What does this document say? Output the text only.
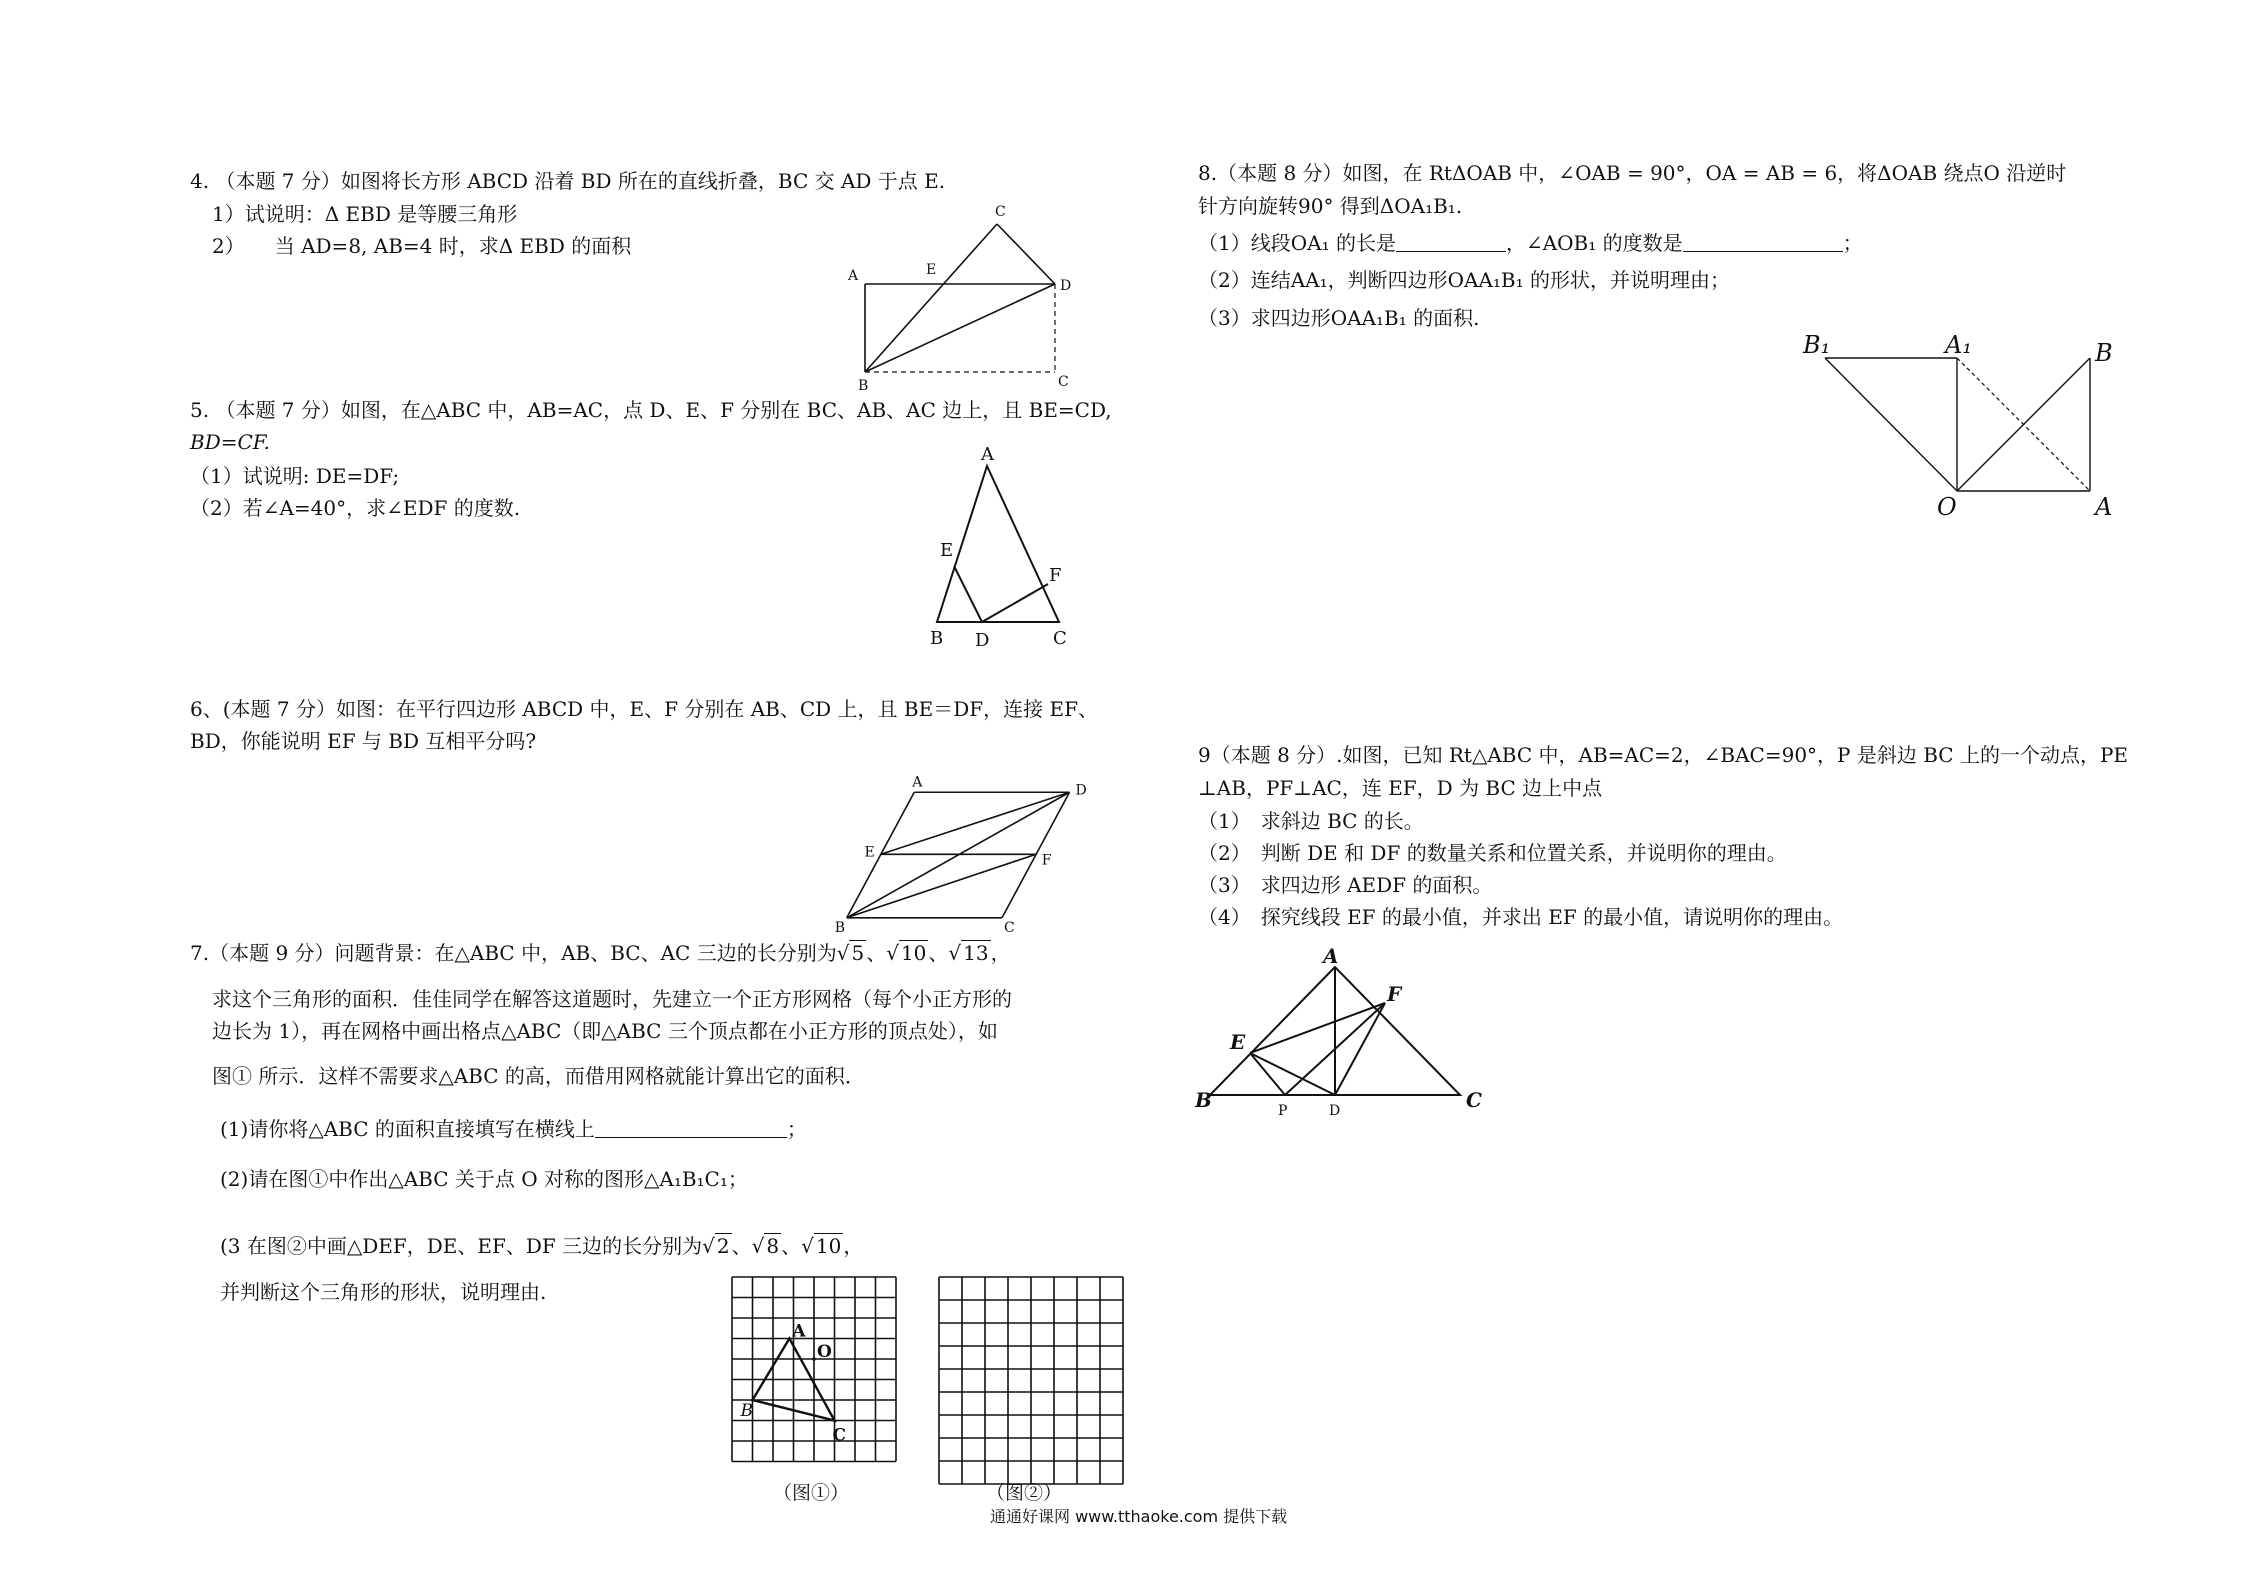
4. （本题 7 分）如图将长方形 ABCD 沿着 BD 所在的直线折叠，BC 交 AD 于点 E.
1）试说明：Δ EBD 是等腰三角形
2）　　当 AD=8, AB=4 时，求Δ EBD 的面积
A	E
C
D
B	C
5. （本题 7 分）如图，在△ABC 中，AB=AC，点 D、E、F 分别在 BC、AB、AC 边上，且 BE=CD,
BD=CF.
（1）试说明: DE=DF;
（2）若∠A=40°，求∠EDF 的度数.
A
E
F
B D	C
6、(本题 7 分）如图：在平行四边形 ABCD 中，E、F 分别在 AB、CD 上，且 BE＝DF，连接 EF、
BD，你能说明 EF 与 BD 互相平分吗?
A
B	C
D
E	F
7.（本题 9 分）问题背景：在△ABC 中，AB、BC、AC 三边的长分别为√ 5 、√ 10 、√ 13 ，
求这个三角形的面积．佳佳同学在解答这道题时，先建立一个正方形网格（每个小正方形的
边长为 1），再在网格中画出格点△ABC（即△ABC 三个顶点都在小正方形的顶点处），如
图① 所示．这样不需要求△ABC 的高，而借用网格就能计算出它的面积．
(1)请你将△ABC 的面积直接填写在横线上	；
(2)请在图①中作出△ABC 关于点 O 对称的图形△A₁B₁C₁；
(3 在图②中画△DEF，DE、EF、DF 三边的长分别为√ 2 、√ 8 、√ 10 ，
并判断这个三角形的形状，说明理由.
A
O
B
C
（图①）	（图②）
8.（本题 8 分）如图，在 RtΔOAB 中，∠OAB = 90°，OA = AB = 6，将ΔOAB 绕点O 沿逆时
针方向旋转90° 得到ΔOA₁B₁.
（1）线段OA₁ 的长是	，∠AOB₁ 的度数是	；
（2）连结AA₁，判断四边形OAA₁B₁ 的形状，并说明理由；
（3）求四边形OAA₁B₁ 的面积.
B₁	A₁	B
O	A
9（本题 8 分）.如图，已知 Rt△ABC 中，AB=AC=2，∠BAC=90°，P 是斜边 BC 上的一个动点，PE
⊥AB，PF⊥AC，连 EF，D 为 BC 边上中点
（1）　求斜边 BC 的长。
（2）　判断 DE 和 DF 的数量关系和位置关系，并说明你的理由。
（3）　求四边形 AEDF 的面积。
（4）　探究线段 EF 的最小值，并求出 EF 的最小值，请说明你的理由。
A
F
E
B	P	D	C
通通好课网 www.tthaoke.com 提供下载
